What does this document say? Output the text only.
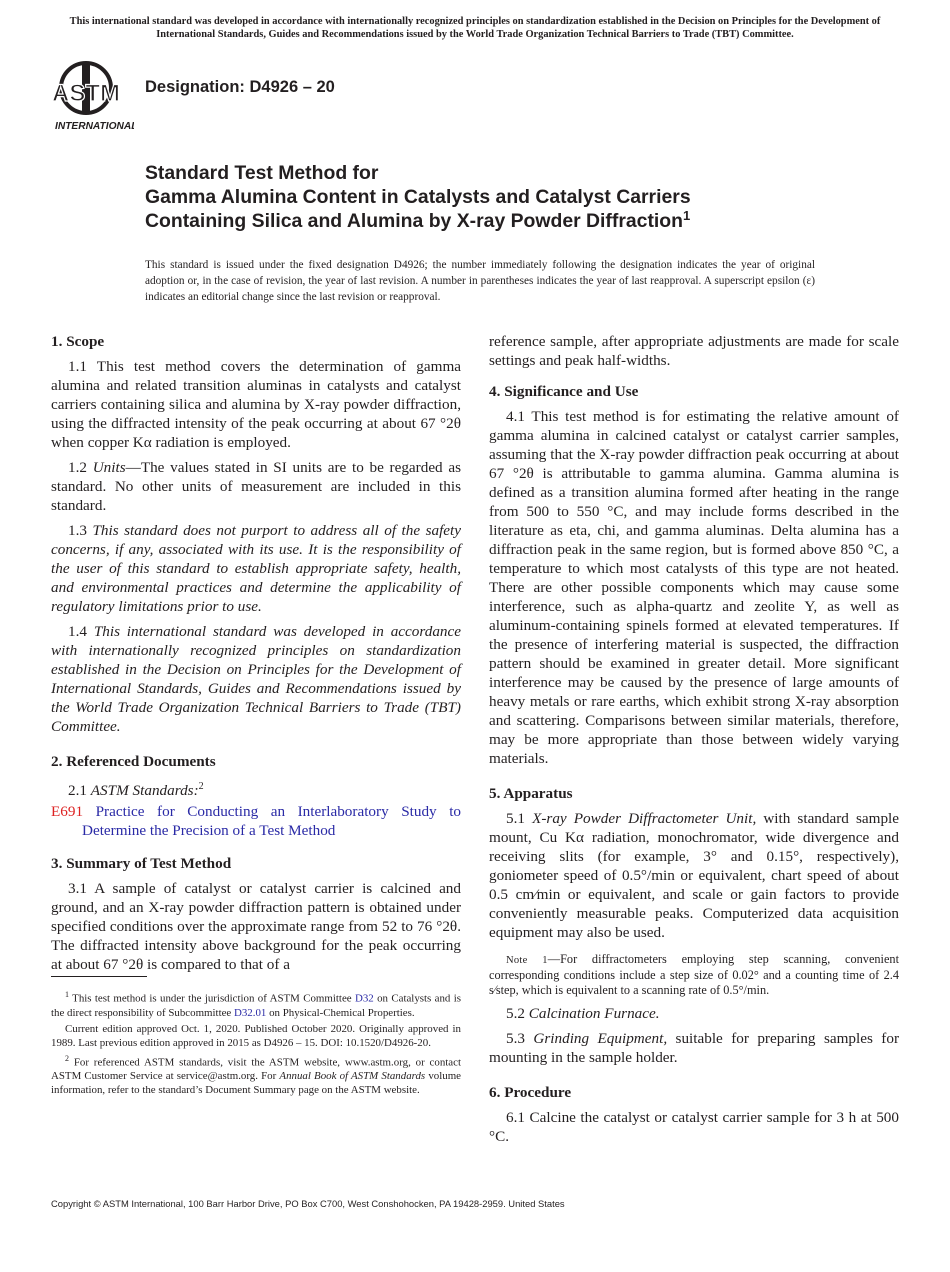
This international standard was developed in accordance with internationally recognized principles on standardization established in the Decision on Principles for the Development of International Standards, Guides and Recommendations issued by the World Trade Organization Technical Barriers to Trade (TBT) Committee.
ASTM
INTERNATIONAL
Designation: D4926 – 20
Standard Test Method for
Gamma Alumina Content in Catalysts and Catalyst Carriers
Containing Silica and Alumina by X-ray Powder Diffraction$^1$
This standard is issued under the fixed designation D4926; the number immediately following the designation indicates the year of original adoption or, in the case of revision, the year of last revision. A number in parentheses indicates the year of last reapproval. A superscript epsilon (ε) indicates an editorial change since the last revision or reapproval.
1. Scope

1.1 This test method covers the determination of gamma alumina and related transition aluminas in catalysts and catalyst carriers containing silica and alumina by X-ray powder diffraction, using the diffracted intensity of the peak occurring at about 67 °2θ when copper Kα radiation is employed.

1.2 Units—The values stated in SI units are to be regarded as standard. No other units of measurement are included in this standard.

1.3 This standard does not purport to address all of the safety concerns, if any, associated with its use. It is the responsibility of the user of this standard to establish appropriate safety, health, and environmental practices and determine the applicability of regulatory limitations prior to use.

1.4 This international standard was developed in accordance with internationally recognized principles on standardization established in the Decision on Principles for the Development of International Standards, Guides and Recommendations issued by the World Trade Organization Technical Barriers to Trade (TBT) Committee.

2. Referenced Documents

2.1 ASTM Standards:$^2$

E691 Practice for Conducting an Interlaboratory Study to Determine the Precision of a Test Method

3. Summary of Test Method

3.1 A sample of catalyst or catalyst carrier is calcined and ground, and an X-ray powder diffraction pattern is obtained under specified conditions over the approximate range from 52 to 76 °2θ. The diffracted intensity above background for the peak occurring at about 67 °2θ is compared to that of a

$^1$ This test method is under the jurisdiction of ASTM Committee D32 on Catalysts and is the direct responsibility of Subcommittee D32.01 on Physical-Chemical Properties.

Current edition approved Oct. 1, 2020. Published October 2020. Originally approved in 1989. Last previous edition approved in 2015 as D4926 – 15. DOI: 10.1520/D4926-20.

$^2$ For referenced ASTM standards, visit the ASTM website, www.astm.org, or contact ASTM Customer Service at service@astm.org. For Annual Book of ASTM Standards volume information, refer to the standard’s Document Summary page on the ASTM website.

reference sample, after appropriate adjustments are made for scale settings and peak half-widths.

4. Significance and Use

4.1 This test method is for estimating the relative amount of gamma alumina in calcined catalyst or catalyst carrier samples, assuming that the X-ray powder diffraction peak occurring at about 67 °2θ is attributable to gamma alumina. Gamma alumina is defined as a transition alumina formed after heating in the range from 500 to 550 °C, and may include forms described in the literature as eta, chi, and gamma aluminas. Delta alumina has a diffraction peak in the same region, but is formed above 850 °C, a temperature to which most catalysts of this type are not heated. There are other possible components which may cause some interference, such as alpha-quartz and zeolite Y, as well as aluminum-containing spinels formed at elevated temperatures. If the presence of interfering material is suspected, the diffraction pattern should be examined in greater detail. More significant interference may be caused by the presence of large amounts of heavy metals or rare earths, which exhibit strong X-ray absorption and scattering. Comparisons between similar materials, therefore, may be more appropriate than those between widely varying materials.

5. Apparatus

5.1 X-ray Powder Diffractometer Unit, with standard sample mount, Cu Kα radiation, monochromator, wide divergence and receiving slits (for example, 3° and 0.15°, respectively), goniometer speed of 0.5°/min or equivalent, chart speed of about 0.5 cm⁄min or equivalent, and scale or gain factors to provide conveniently measurable peaks. Computerized data acquisition equipment may also be used.

Note 1—For diffractometers employing step scanning, convenient corresponding conditions include a step size of 0.02° and a counting time of 2.4 s⁄step, which is equivalent to a scanning rate of 0.5°/min.

5.2 Calcination Furnace.

5.3 Grinding Equipment, suitable for preparing samples for mounting in the sample holder.

6. Procedure

6.1 Calcine the catalyst or catalyst carrier sample for 3 h at 500 °C.

Copyright © ASTM International, 100 Barr Harbor Drive, PO Box C700, West Conshohocken, PA 19428-2959. United States
